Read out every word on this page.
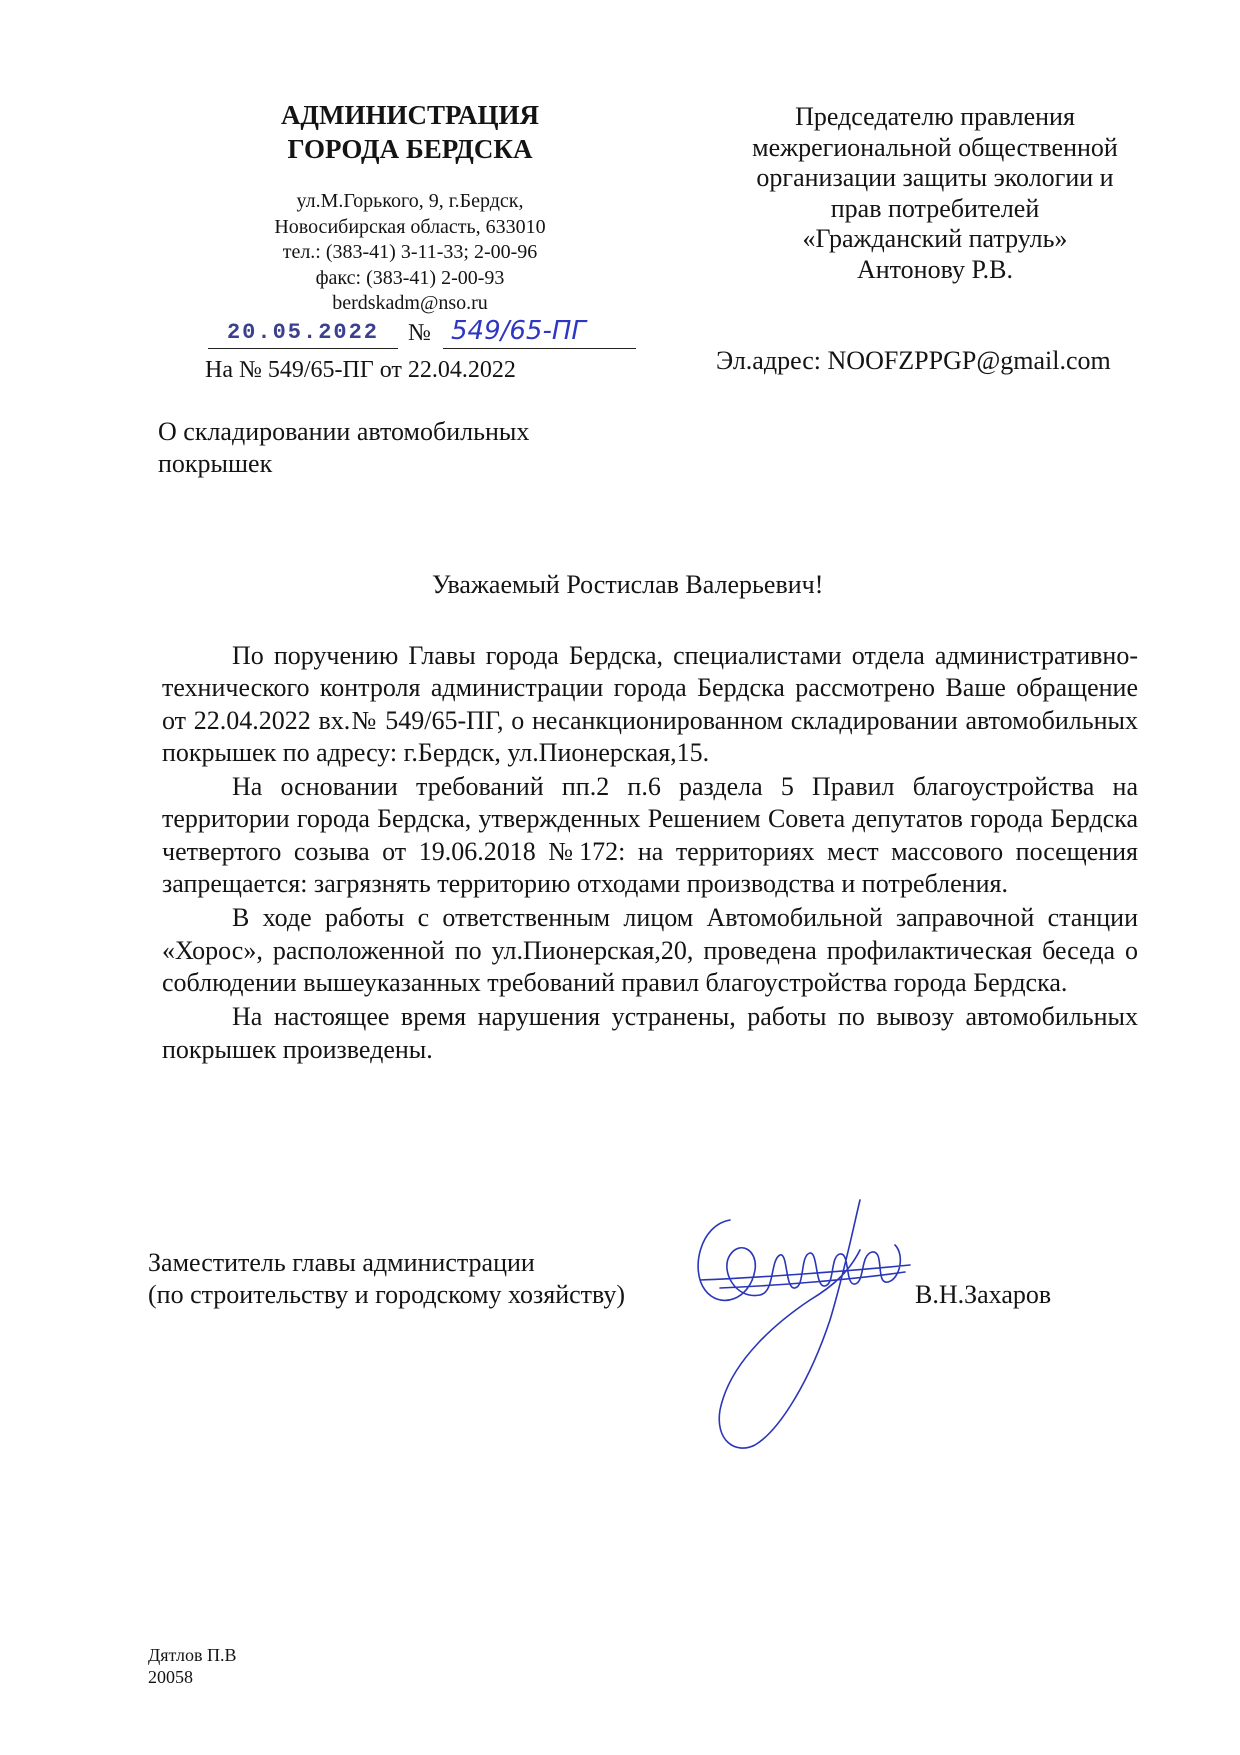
АДМИНИСТРАЦИЯ
ГОРОДА БЕРДСКА
ул.М.Горького, 9, г.Бердск,
Новосибирская область, 633010
тел.: (383-41) 3-11-33; 2-00-96
факс: (383-41) 2-00-93
berdskadm@nso.ru
20.05.2022	№ 549/65-ПГ
На № 549/65-ПГ от 22.04.2022
Председателю правления
межрегиональной общественной
организации защиты экологии и
прав потребителей
«Гражданский патруль»
Антонову Р.В.
Эл.адрес: NOOFZPPGP@gmail.com
О складировании автомобильных
покрышек
Уважаемый Ростислав Валерьевич!

По поручению Главы города Бердска, специалистами отдела административно-технического контроля администрации города Бердска рассмотрено Ваше обращение от 22.04.2022 вх.№ 549/65-ПГ, о несанкционированном складировании автомобильных покрышек по адресу: г.Бердск, ул.Пионерская,15.

На основании требований пп.2 п.6 раздела 5 Правил благоустройства на территории города Бердска, утвержденных Решением Совета депутатов города Бердска четвертого созыва от 19.06.2018 №172: на территориях мест массового посещения запрещается: загрязнять территорию отходами производства и потребления.

В ходе работы с ответственным лицом Автомобильной заправочной станции «Хорос», расположенной по ул.Пионерская,20, проведена профилактическая беседа о соблюдении вышеуказанных требований правил благоустройства города Бердска.

На настоящее время нарушения устранены, работы по вывозу автомобильных покрышек произведены.

Заместитель главы администрации
(по строительству и городскому хозяйству)	В.Н.Захаров
Дятлов П.В
20058
